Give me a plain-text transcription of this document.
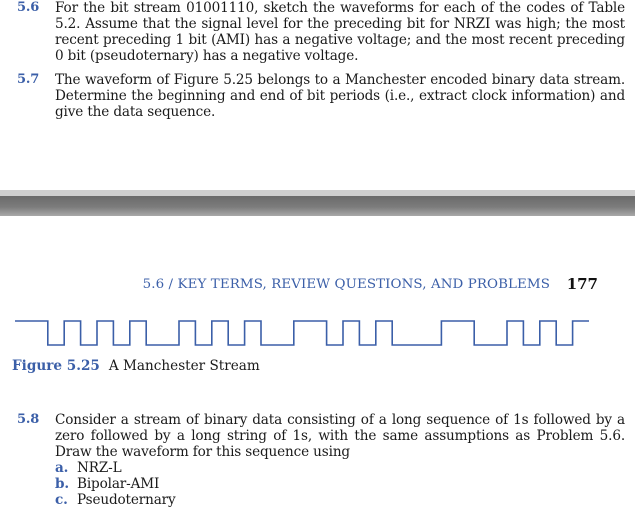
5.6 For the bit stream 01001110, sketch the waveforms for each of the codes of Table 5.2. Assume that the signal level for the preceding bit for NRZI was high; the most recent preceding 1 bit (AMI) has a negative voltage; and the most recent preceding 0 bit (pseudoternary) has a negative voltage.
5.7 The waveform of Figure 5.25 belongs to a Manchester encoded binary data stream. Determine the beginning and end of bit periods (i.e., extract clock information) and give the data sequence.
5.6 / KEY TERMS, REVIEW QUESTIONS, AND PROBLEMS 177
Figure 5.25 A Manchester Stream
5.8 Consider a stream of binary data consisting of a long sequence of 1s followed by a zero followed by a long string of 1s, with the same assumptions as Problem 5.6. Draw the waveform for this sequence using
a. NRZ-L
b. Bipolar-AMI
c. Pseudoternary
